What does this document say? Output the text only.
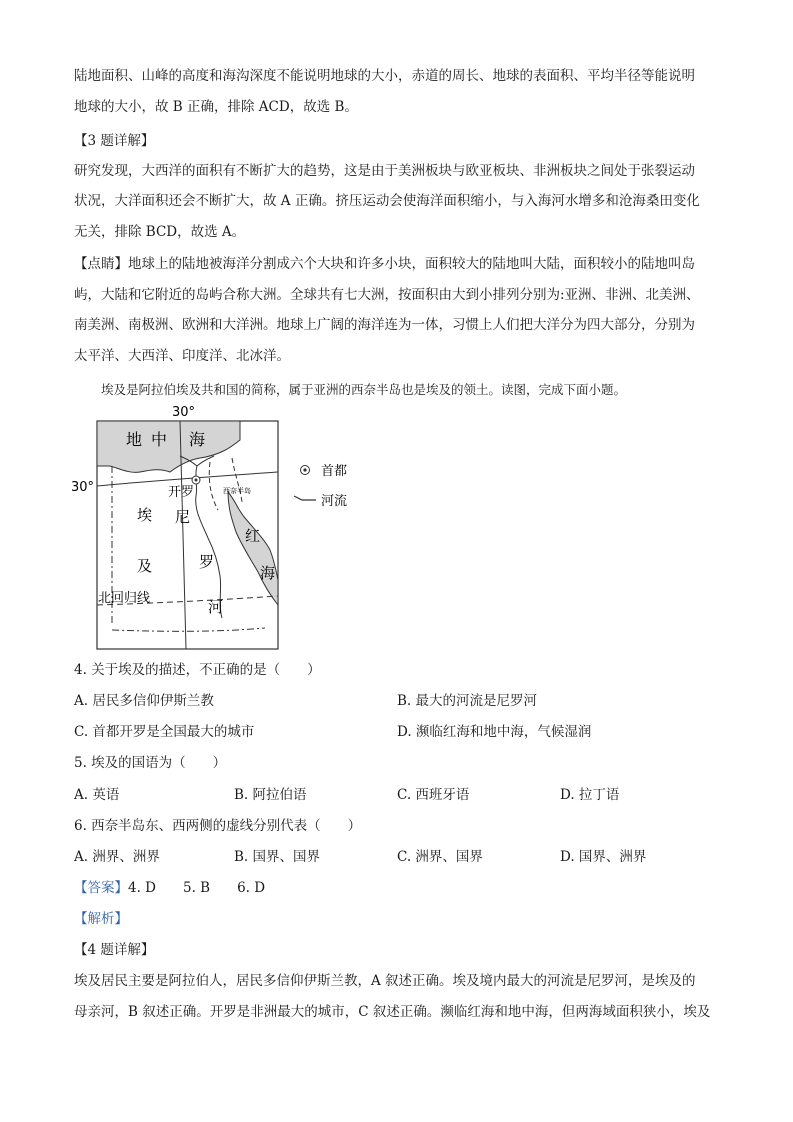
陆地面积、山峰的高度和海沟深度不能说明地球的大小，赤道的周长、地球的表面积、平均半径等能说明
地球的大小，故 B 正确，排除 ACD，故选 B。
【3 题详解】
研究发现，大西洋的面积有不断扩大的趋势，这是由于美洲板块与欧亚板块、非洲板块之间处于张裂运动
状况，大洋面积还会不断扩大，故 A 正确。挤压运动会使海洋面积缩小，与入海河水增多和沧海桑田变化
无关，排除 BCD，故选 A。
【点睛】地球上的陆地被海洋分割成六个大块和许多小块，面积较大的陆地叫大陆，面积较小的陆地叫岛
屿，大陆和它附近的岛屿合称大洲。全球共有七大洲，按面积由大到小排列分别为:亚洲、非洲、北美洲、
南美洲、南极洲、欧洲和大洋洲。地球上广阔的海洋连为一体，习惯上人们把大洋分为四大部分，分别为
太平洋、大西洋、印度洋、北冰洋。
埃及是阿拉伯埃及共和国的简称，属于亚洲的西奈半岛也是埃及的领土。读图，完成下面小题。
30°
30°
地 中 海
开罗	西奈半岛
埃
及
尼
罗
河
红
海
北回归线
首都
河流
4. 关于埃及的描述，不正确的是（　　）
A. 居民多信仰伊斯兰教	B. 最大的河流是尼罗河
C. 首都开罗是全国最大的城市	D. 濒临红海和地中海，气候湿润
5. 埃及的国语为（　　）
A. 英语	B. 阿拉伯语	C. 西班牙语	D. 拉丁语
6. 西奈半岛东、西两侧的虚线分别代表（　　）
A. 洲界、洲界	B. 国界、国界	C. 洲界、国界	D. 国界、洲界
【答案】4. D　　5. B　　6. D
【解析】
【4 题详解】
埃及居民主要是阿拉伯人，居民多信仰伊斯兰教，A 叙述正确。埃及境内最大的河流是尼罗河，是埃及的
母亲河，B 叙述正确。开罗是非洲最大的城市，C 叙述正确。濒临红海和地中海，但两海域面积狭小，埃及
